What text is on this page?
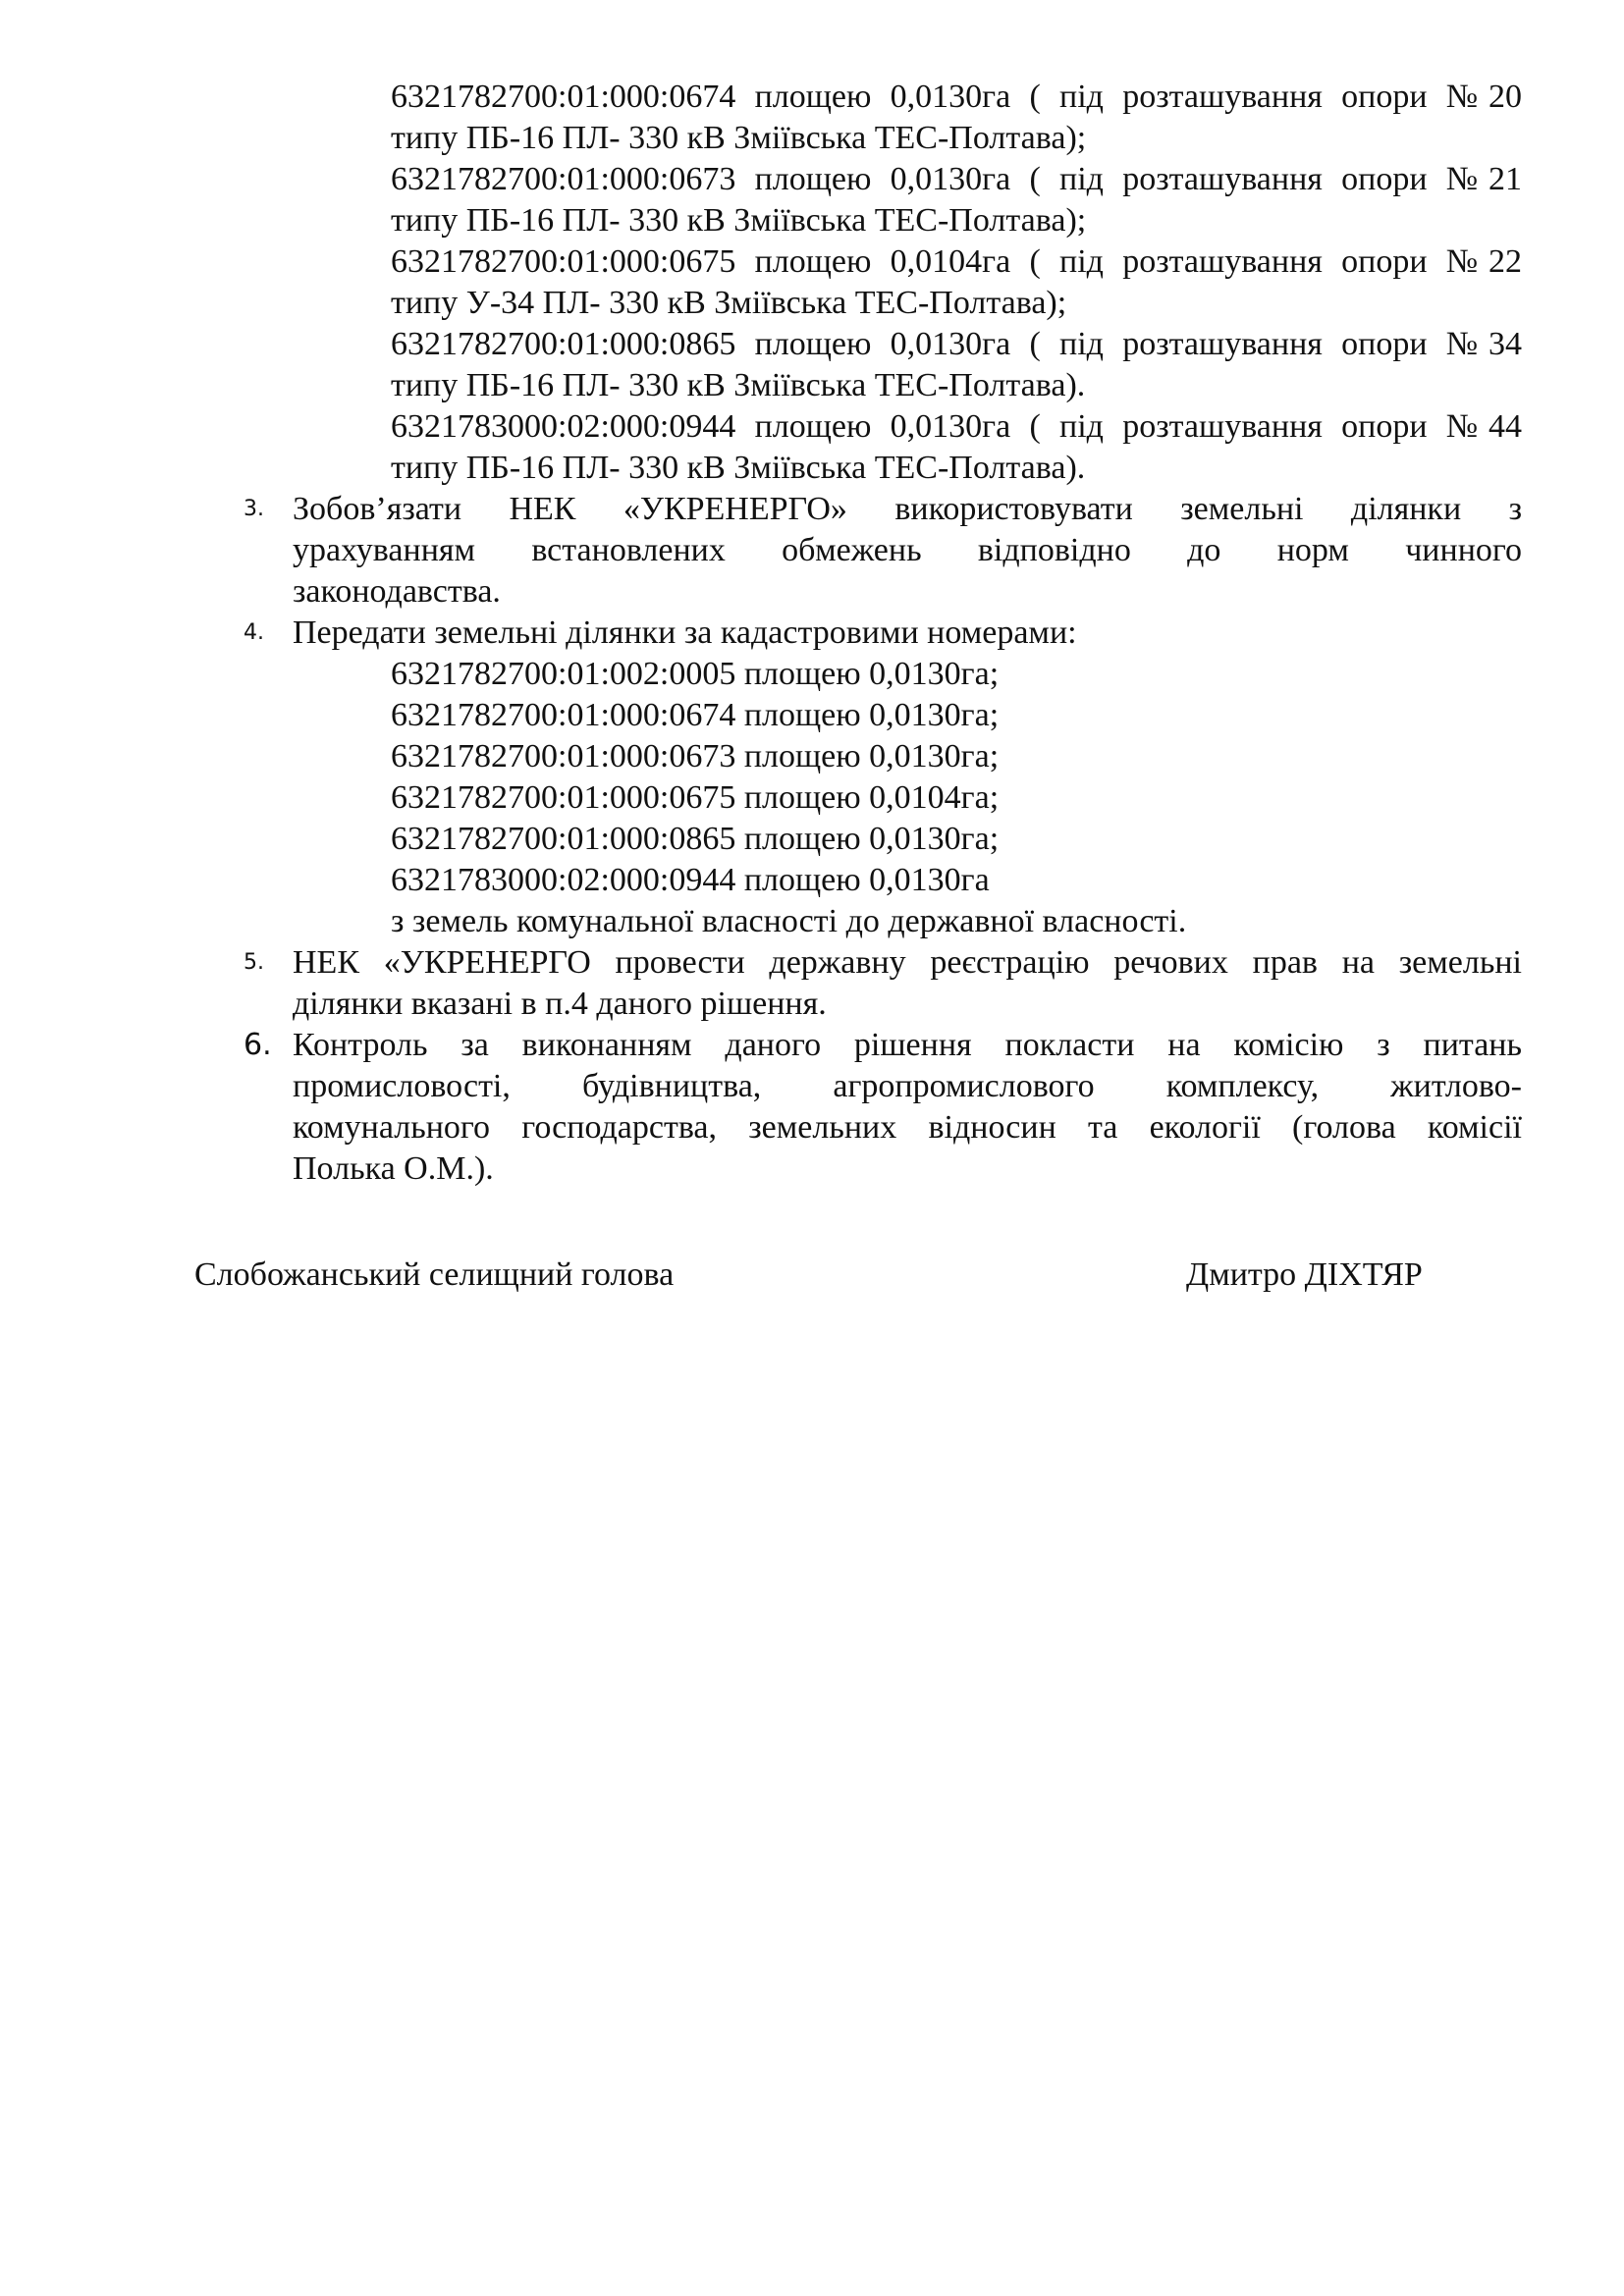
6321782700:01:000:0674 площею 0,0130га ( під розташування опори №20
типу ПБ-16 ПЛ- 330 кВ Зміївська ТЕС-Полтава);
6321782700:01:000:0673 площею 0,0130га ( під розташування опори №21
типу ПБ-16 ПЛ- 330 кВ Зміївська ТЕС-Полтава);
6321782700:01:000:0675 площею 0,0104га ( під розташування опори №22
типу У-34 ПЛ- 330 кВ Зміївська ТЕС-Полтава);
6321782700:01:000:0865 площею 0,0130га ( під розташування опори №34
типу ПБ-16 ПЛ- 330 кВ Зміївська ТЕС-Полтава).
6321783000:02:000:0944 площею 0,0130га ( під розташування опори №44
типу ПБ-16 ПЛ- 330 кВ Зміївська ТЕС-Полтава).
3. Зобов’язати НЕК «УКРЕНЕРГО» використовувати земельні ділянки з
урахуванням встановлених обмежень відповідно до норм чинного
законодавства.
4. Передати земельні ділянки за кадастровими номерами:
6321782700:01:002:0005 площею 0,0130га;
6321782700:01:000:0674 площею 0,0130га;
6321782700:01:000:0673 площею 0,0130га;
6321782700:01:000:0675 площею 0,0104га;
6321782700:01:000:0865 площею 0,0130га;
6321783000:02:000:0944 площею 0,0130га
з земель комунальної власності до державної власності.
5. НЕК «УКРЕНЕРГО провести державну реєстрацію речових прав на земельні
ділянки вказані в п.4 даного рішення.
6. Контроль за виконанням даного рішення покласти на комісію з питань
промисловості, будівництва, агропромислового комплексу, житлово-
комунального господарства, земельних відносин та екології (голова комісії
Полька О.М.).
Слобожанський селищний голова	Дмитро ДІХТЯР
